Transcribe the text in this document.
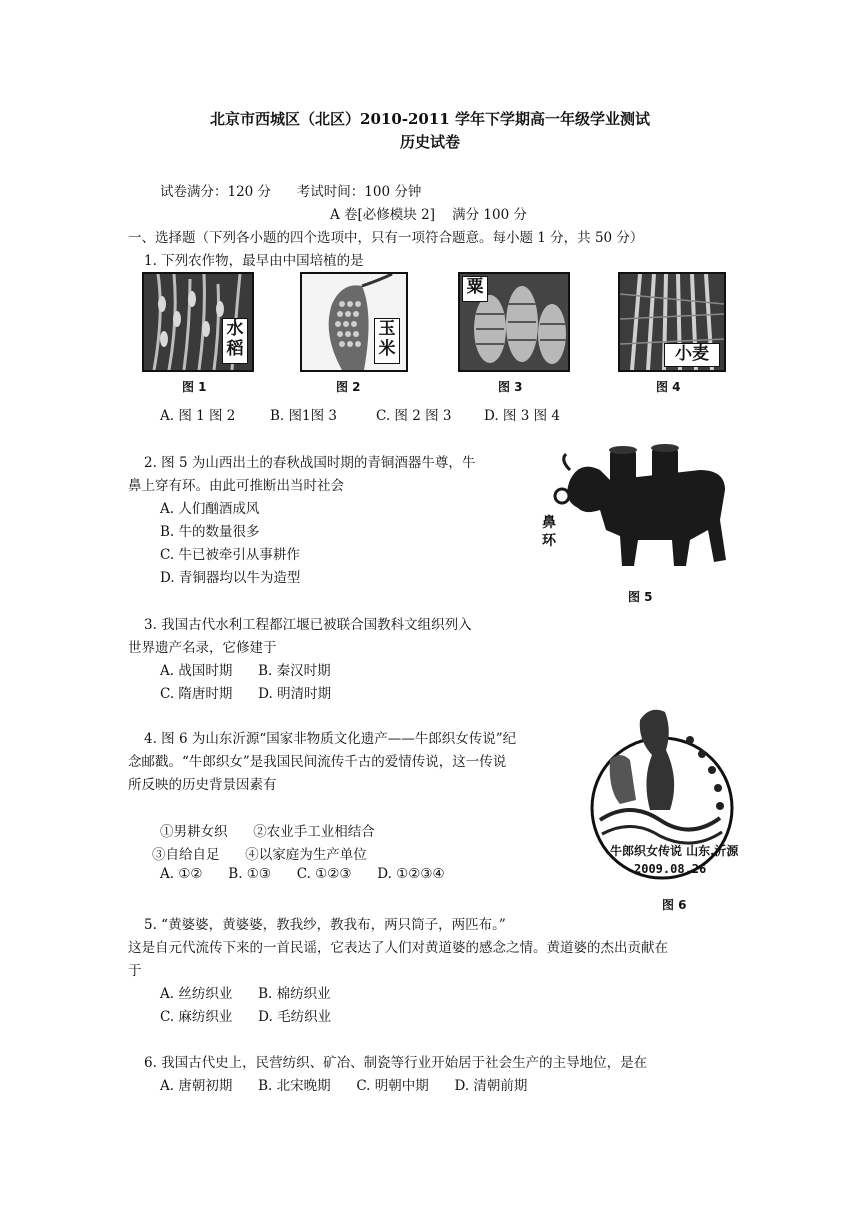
北京市西城区（北区）2010-2011 学年下学期高一年级学业测试
历史试卷
试卷满分：120 分      考试时间：100 分钟
A 卷[必修模块 2]    满分 100 分
一、选择题（下列各小题的四个选项中，只有一项符合题意。每小题 1 分，共 50 分）
1. 下列农作物，最早由中国培植的是
水
稻
图 1
玉
米
图 2
粟
图 3
小麦
图 4
A. 图 1 图 2	B. 图1图 3	C. 图 2 图 3 D. 图 3 图 4
2. 图 5 为山西出土的春秋战国时期的青铜酒器牛尊，牛
鼻上穿有环。由此可推断出当时社会
A. 人们酗酒成风
B. 牛的数量很多
C. 牛已被牵引从事耕作
D. 青铜器均以牛为造型
鼻
环
图 5
3. 我国古代水利工程都江堰已被联合国教科文组织列入
世界遗产名录，它修建于
A. 战国时期      B. 秦汉时期
C. 隋唐时期      D. 明清时期
4. 图 6 为山东沂源“国家非物质文化遗产——牛郎织女传说”纪
念邮戳。“牛郎织女”是我国民间流传千古的爱情传说，这一传说
所反映的历史背景因素有
①男耕女织      ②农业手工业相结合
③自给自足      ④以家庭为生产单位
A. ①②      B. ①③      C. ①②③      D. ①②③④
牛郎织女传说 山东.沂源
2009.08.26
图 6
5. “黄婆婆，黄婆婆，教我纱，教我布，两只筒子，两匹布。”
这是自元代流传下来的一首民谣，它表达了人们对黄道婆的感念之情。黄道婆的杰出贡献在
于
A. 丝纺织业      B. 棉纺织业
C. 麻纺织业      D. 毛纺织业
6. 我国古代史上，民营纺织、矿冶、制瓷等行业开始居于社会生产的主导地位，是在
A. 唐朝初期      B. 北宋晚期      C. 明朝中期      D. 清朝前期
